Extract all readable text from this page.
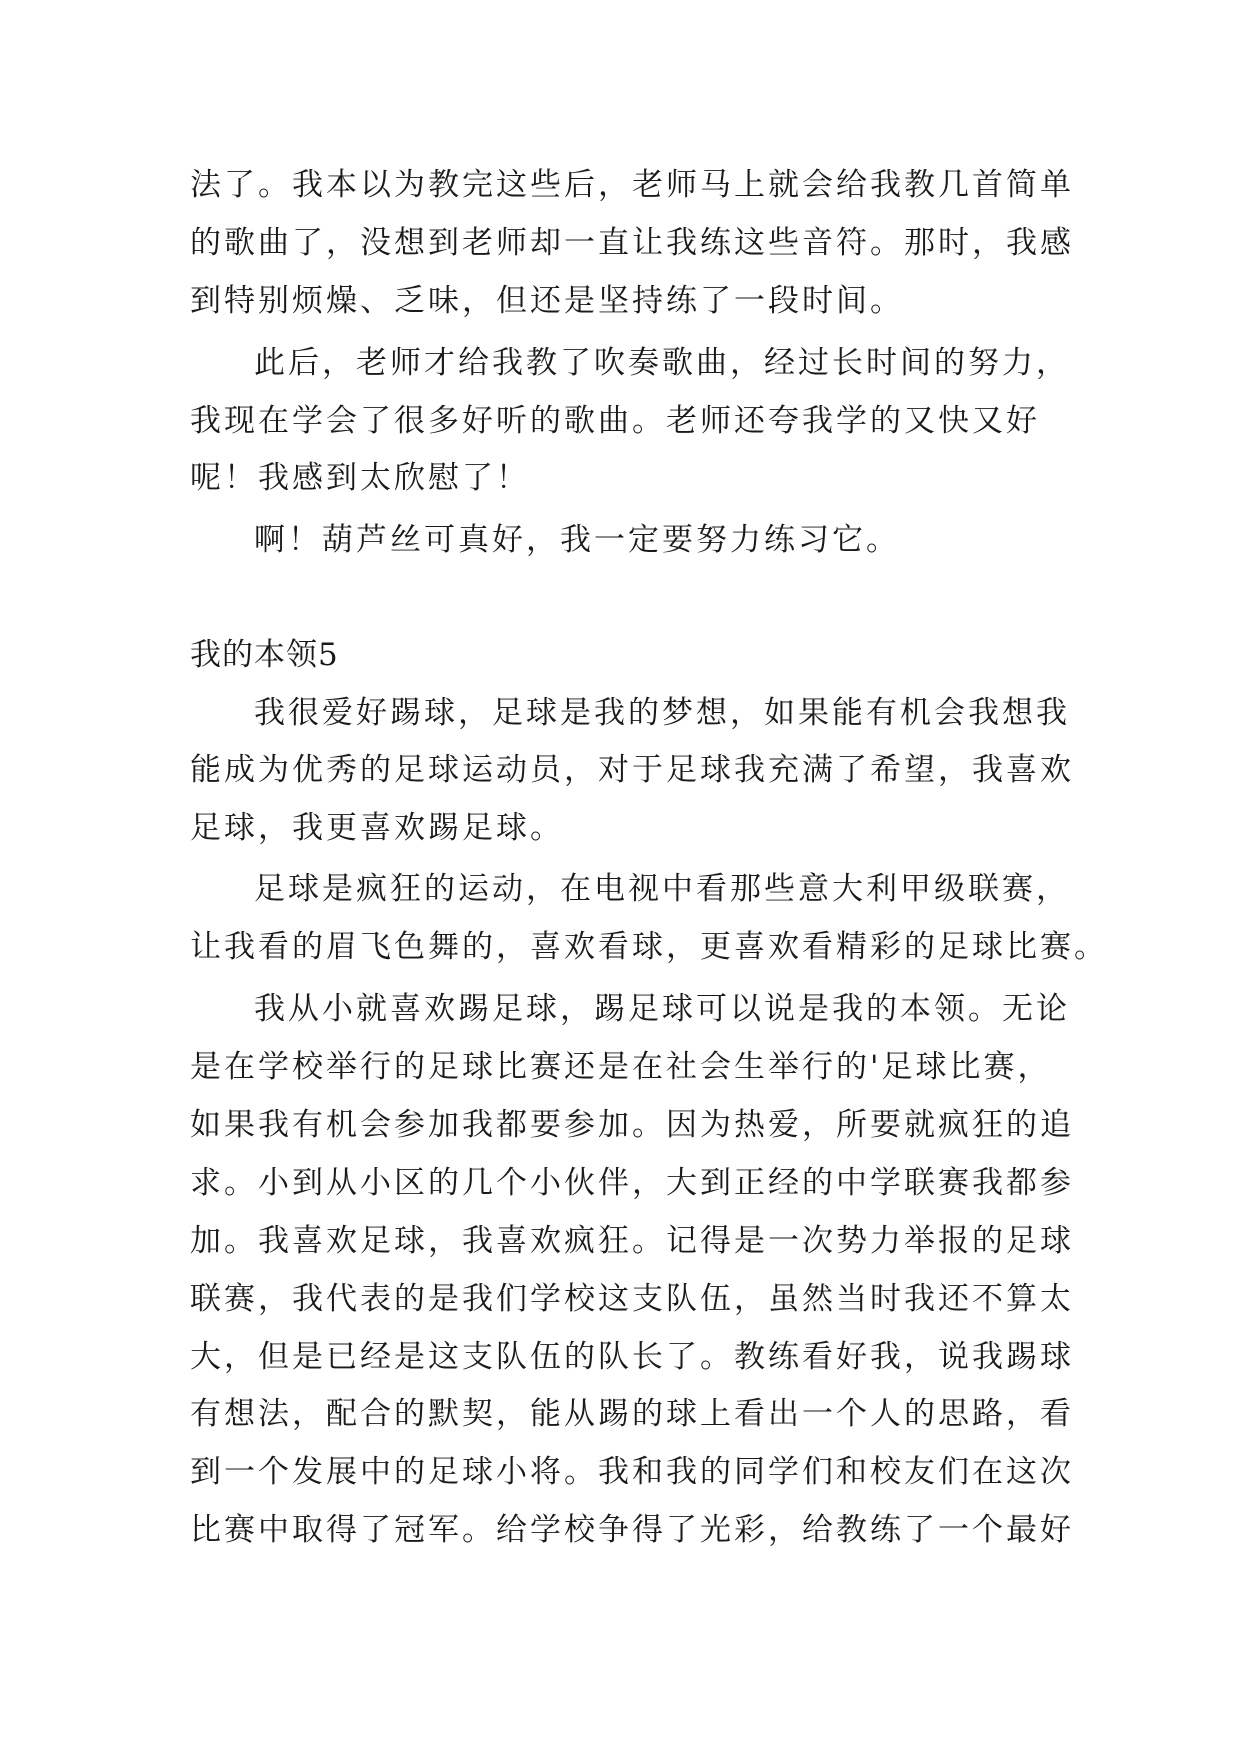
法了。我本以为教完这些后，老师马上就会给我教几首简单
的歌曲了，没想到老师却一直让我练这些音符。那时，我感
到特别烦燥、乏味，但还是坚持练了一段时间。
此后，老师才给我教了吹奏歌曲，经过长时间的努力，
我现在学会了很多好听的歌曲。老师还夸我学的又快又好
呢！我感到太欣慰了！
啊！葫芦丝可真好，我一定要努力练习它。
我的本领5
我很爱好踢球，足球是我的梦想，如果能有机会我想我
能成为优秀的足球运动员，对于足球我充满了希望，我喜欢
足球，我更喜欢踢足球。
足球是疯狂的运动，在电视中看那些意大利甲级联赛，
让我看的眉飞色舞的，喜欢看球，更喜欢看精彩的足球比赛。
我从小就喜欢踢足球，踢足球可以说是我的本领。无论
是在学校举行的足球比赛还是在社会生举行的'足球比赛，
如果我有机会参加我都要参加。因为热爱，所要就疯狂的追
求。小到从小区的几个小伙伴，大到正经的中学联赛我都参
加。我喜欢足球，我喜欢疯狂。记得是一次势力举报的足球
联赛，我代表的是我们学校这支队伍，虽然当时我还不算太
大，但是已经是这支队伍的队长了。教练看好我，说我踢球
有想法，配合的默契，能从踢的球上看出一个人的思路，看
到一个发展中的足球小将。我和我的同学们和校友们在这次
比赛中取得了冠军。给学校争得了光彩，给教练了一个最好
